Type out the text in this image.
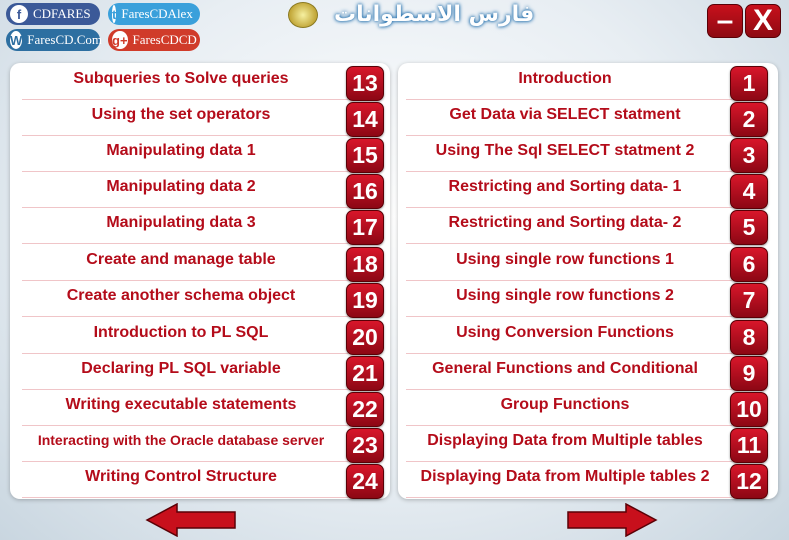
f CDFARES t FaresCDAlex
W FaresCD.Com g+ FaresCDCD
فارس الاسطوانات	– X
Subqueries to Solve queries	13
Using the set operators	14
Manipulating data 1	15
Manipulating data 2	16
Manipulating data 3	17
Create and manage table	18
Create another schema object	19
Introduction to PL SQL	20
Declaring PL SQL variable	21
Writing executable statements	22
Interacting with the Oracle database server	23
Writing Control Structure	24
Introduction	1
Get Data via SELECT statment	2
Using The Sql SELECT statment 2	3
Restricting and Sorting data- 1	4
Restricting and Sorting data- 2	5
Using single row functions 1	6
Using single row functions 2	7
Using Conversion Functions	8
General Functions and Conditional	9
Group Functions	10
Displaying Data from Multiple tables	11
Displaying Data from Multiple tables 2	12
